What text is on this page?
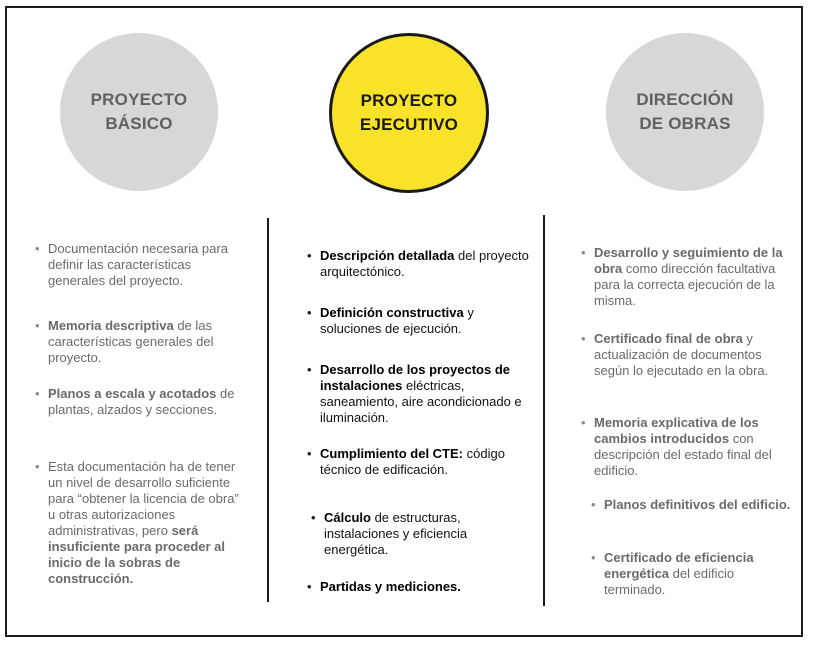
PROYECTO
BÁSICO
PROYECTO
EJECUTIVO
DIRECCIÓN
DE OBRAS
• Documentación necesaria para definir las características generales del proyecto.
• Memoria descriptiva de las características generales del proyecto.
• Planos a escala y acotados de plantas, alzados y secciones.
• Esta documentación ha de tener un nivel de desarrollo suficiente para “obtener la licencia de obra” u otras autorizaciones administrativas, pero será insuficiente para proceder al inicio de la sobras de construcción.
• Descripción detallada del proyecto arquitectónico.
• Definición constructiva y soluciones de ejecución.
• Desarrollo de los proyectos de instalaciones eléctricas, saneamiento, aire acondicionado e iluminación.
• Cumplimiento del CTE: código técnico de edificación.
• Cálculo de estructuras, instalaciones y eficiencia energética.
• Partidas y mediciones.
• Desarrollo y seguimiento de la obra como dirección facultativa para la correcta ejecución de la misma.
• Certificado final de obra y actualización de documentos según lo ejecutado en la obra.
• Memoria explicativa de los cambios introducidos con descripción del estado final del edificio.
• Planos definitivos del edificio.
• Certificado de eficiencia energética del edificio terminado.
